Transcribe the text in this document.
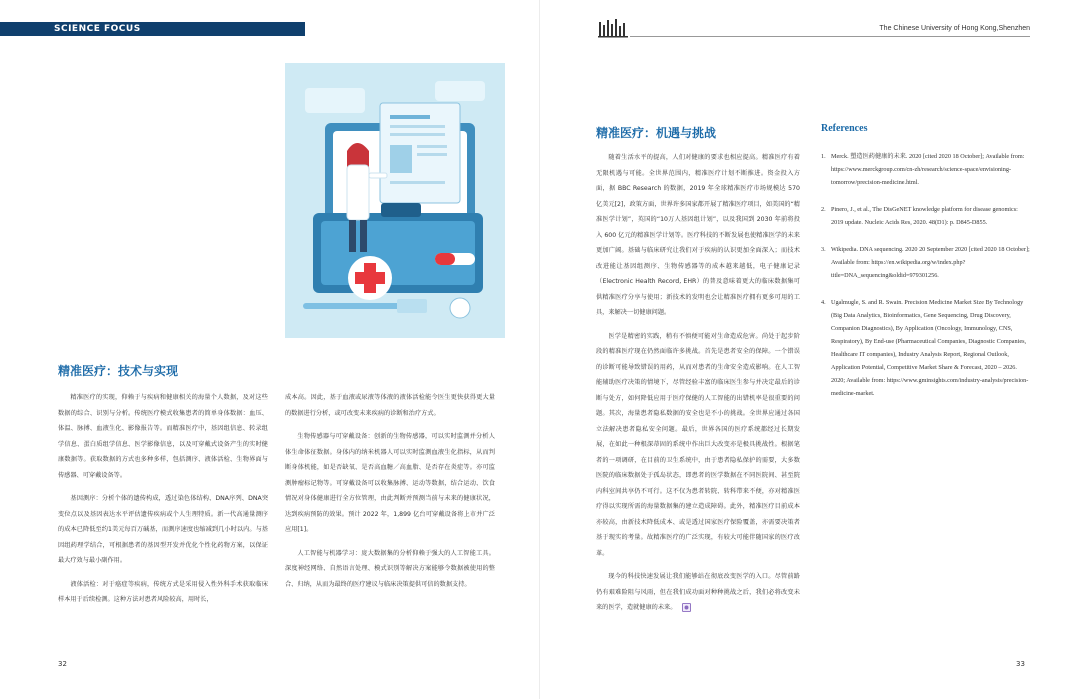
SCIENCE FOCUS
精准医疗：技术与实现

精准医疗的实现，仰赖于与疾病和健康相关的海量个人数据，及对这些数据的综合、识别与分析。传统医疗模式收集患者的简单身体数据：血压、体温、脉搏、血液生化、影像报告等。而精准医疗中，基因组信息、转录组学信息、蛋白质组学信息、医学影像信息，以及可穿戴式设备产生的实时健康数据等。获取数据的方式也多种多样，包括测序、液体活检、生物界面与传感器、可穿戴设备等。

基因测序：分析个体的遗传构成，透过染色体结构、DNA序列、DNA突变位点以及基因表达水平评估遗传疾病或个人生理特质。新一代高通量测序的成本已降低至约1美元每百万碱基，而测序速度也缩减到几小时以内。与基因组药理学结合，可根据患者的基因型开发并优化个性化药物方案，以保证最大疗效与最小副作用。

液体活检：对于癌症等疾病，传统方式是采用侵入性外科手术获取临床样本用于后续检测。这种方法对患者风险较高，用时长，

成本高。因此，基于血液或尿液等体液的液体活检能令医生更快获得更大量的数据进行分析，或可改变未来疾病的诊断和治疗方式。

生物传感器与可穿戴设备：创新的生物传感器，可以实时监测并分析人体生命体征数据。身体内的纳米机器人可以实时监测血液生化指标，从而判断身体机能，如是否缺氧、是否高血糖／高血脂、是否存在炎症等。亦可监测肿瘤标记物等。可穿戴设备可以收集脉搏、运动等数据，结合运动、饮食情况对身体健康进行全方位管理，由此判断并预测当前与未来的健康状况，达到疾病预防的效果。预计 2022 年，1,899 亿台可穿戴设备将上市并广泛应用[1]。

人工智能与机器学习：庞大数据集的分析仰赖于强大的人工智能工具。深度神经网络、自然语言处理、模式识别等解决方案能够令数据被使用的整合、归纳，从而为最终的医疗建议与临床决策提供可信的数据支持。

32
The Chinese University of Hong Kong,Shenzhen
精准医疗：机遇与挑战

随着生活水平的提高，人们对健康的要求也相应提高。精准医疗有着无限机遇与可能。全世界范围内，精准医疗计划不断推进。资金投入方面，据 BBC Research 的数据，2019 年全球精准医疗市场规模达 570 亿美元[2]，政策方面，世界许多国家都开展了精准医疗项目，如美国的“精准医学计划”，英国的“10万人基因组计划”，以及我国到 2030 年前将投入 600 亿元的精准医学计划等。医疗科技的不断发展也使精准医学的未来更加广阔。基础与临床研究让我们对于疾病的认识更加全面深入；而技术改进能让基因组测序、生物传感器等的成本越来越低，电子健康记录（Electronic Health Record, EHR）的普及意味着更大的临床数据集可供精准医疗分享与使用；新技术的发明也会让精准医疗拥有更多可用的工具，来解决一切健康问题。

医学是精密的实践，稍有不慎便可能对生命造成危害。尚处于起步阶段的精准医疗现在仍然面临许多挑战。首先是患者安全的保障。一个错误的诊断可能导致错误的用药，从而对患者的生命安全造成影响。在人工智能辅助医疗决策的情境下，尽管经验丰富的临床医生参与并决定最后的诊断与处方，如何降低应用于医疗保健的人工智能的出错机率是很重要的问题。其次，海量患者隐私数据的安全也是不小的挑战。全世界应通过各国立法解决患者隐私安全问题。最后，世界各国的医疗系统都经过长期发展，在如此一种根深蒂固的系统中作出巨大改变亦是极具挑战性。根据笔者的一项调研，在目前的卫生系统中，由于患者隐私保护的需要，大多数医院的临床数据处于孤岛状态，即患者的医学数据在不同医院间、甚至院内科室间共享仍不可行。这不仅为患者转院、转科带来不便，亦对精准医疗得以实现所需的海量数据集的建立造成障碍。此外，精准医疗目前成本亦较高，由新技术降低成本、或是透过国家医疗保险覆盖，亦需要决策者基于现实的考量。故精准医疗的广泛实现，有较大可能伴随国家的医疗改革。

现今的科技快速发展让我们能够站在彻底改变医学的入口。尽管前路仍有艰难险阻与风雨，但在我们成功面对种种挑战之后，我们必将改变未来的医学，造就健康的未来。

References
1. Merck. 塑造医药健康的未来. 2020 [cited 2020 18 October]; Available from: https://www.merckgroup.com/cn-zh/research/science-space/envisioning-tomorrow/precision-medicine.html.
2. Pinero, J., et al., The DisGeNET knowledge platform for disease genomics: 2019 update. Nucleic Acids Res, 2020. 48(D1): p. D845-D855.
3. Wikipedia. DNA sequencing. 2020 20 September 2020 [cited 2020 18 October]; Available from: https://en.wikipedia.org/w/index.php?title=DNA_sequencing&oldid=979301256.
4. Ugalmugle, S. and R. Swain. Precision Medicine Market Size By Technology (Big Data Analytics, Bioinformatics, Gene Sequencing, Drug Discovery, Companion Diagnostics), By Application (Oncology, Immunology, CNS, Respiratory), By End-use (Pharmaceutical Companies, Diagnostic Companies, Healthcare IT companies), Industry Analysis Report, Regional Outlook, Application Potential, Competitive Market Share & Forecast, 2020 – 2026. 2020; Available from: https://www.gminsights.com/industry-analysis/precision-medicine-market.
33
